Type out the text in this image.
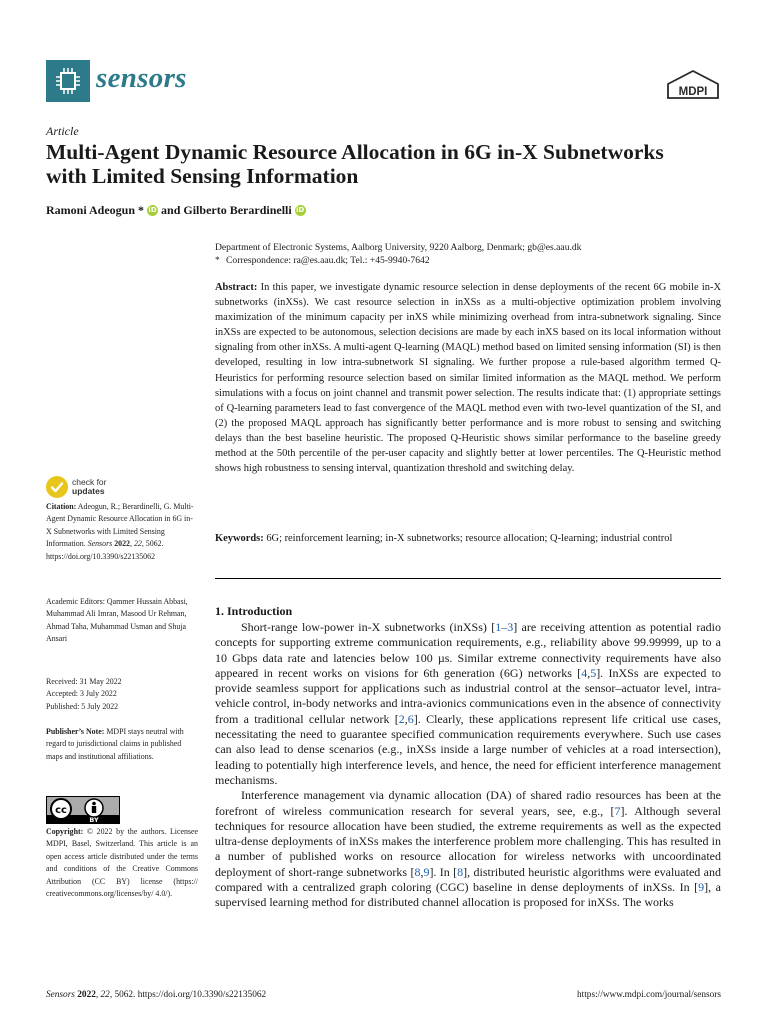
sensors	MDPI
Article
Multi-Agent Dynamic Resource Allocation in 6G in-X Subnetworks with Limited Sensing Information
Ramoni Adeogun * iD and Gilberto Berardinelli iD
Department of Electronic Systems, Aalborg University, 9220 Aalborg, Denmark; gb@es.aau.dk
* Correspondence: ra@es.aau.dk; Tel.: +45-9940-7642
Abstract: In this paper, we investigate dynamic resource selection in dense deployments of the recent 6G mobile in-X subnetworks (inXSs). We cast resource selection in inXSs as a multi-objective optimization problem involving maximization of the minimum capacity per inXS while minimizing overhead from intra-subnetwork signaling. Since inXSs are expected to be autonomous, selection decisions are made by each inXS based on its local information without signaling from other inXSs. A multi-agent Q-learning (MAQL) method based on limited sensing information (SI) is then developed, resulting in low intra-subnetwork SI signaling. We further propose a rule-based algorithm termed Q-Heuristics for performing resource selection based on similar limited information as the MAQL method. We perform simulations with a focus on joint channel and transmit power selection. The results indicate that: (1) appropriate settings of Q-learning parameters lead to fast convergence of the MAQL method even with two-level quantization of the SI, and (2) the proposed MAQL approach has significantly better performance and is more robust to sensing and switching delays than the best baseline heuristic. The proposed Q-Heuristic shows similar performance to the baseline greedy method at the 50th percentile of the per-user capacity and slightly better at lower percentiles. The Q-Heuristic method shows high robustness to sensing interval, quantization threshold and switching delay.
Keywords: 6G; reinforcement learning; in-X subnetworks; resource allocation; Q-learning; industrial control
check for
updates
Citation: Adeogun, R.; Berardinelli, G. Multi-Agent Dynamic Resource Allocation in 6G in-X Subnetworks with Limited Sensing Information. Sensors 2022, 22, 5062. https://doi.org/10.3390/s22135062
Academic Editors: Qammer Hussain Abbasi, Muhammad Ali Imran, Masood Ur Rehman, Ahmad Taha, Muhammad Usman and Shuja Ansari
Received: 31 May 2022
Accepted: 3 July 2022
Published: 5 July 2022
Publisher’s Note: MDPI stays neutral with regard to jurisdictional claims in published maps and institutional affiliations.
cc
BY
Copyright: © 2022 by the authors. Licensee MDPI, Basel, Switzerland. This article is an open access article distributed under the terms and conditions of the Creative Commons Attribution (CC BY) license (https:// creativecommons.org/licenses/by/ 4.0/).
1. Introduction

Short-range low-power in-X subnetworks (inXSs) [1–3] are receiving attention as potential radio concepts for supporting extreme communication requirements, e.g., reliability above 99.99999, up to a 10 Gbps data rate and latencies below 100 µs. Similar extreme connectivity requirements have also appeared in recent works on visions for 6th generation (6G) networks [4,5]. InXSs are expected to provide seamless support for applications such as industrial control at the sensor–actuator level, intra-vehicle control, in-body networks and intra-avionics communications even in the absence of connectivity from a traditional cellular network [2,6]. Clearly, these applications represent life critical use cases, necessitating the need to guarantee specified communication requirements everywhere. Such use cases can also lead to dense scenarios (e.g., inXSs inside a large number of vehicles at a road intersection), leading to potentially high interference levels, and hence, the need for efficient interference management mechanisms.

Interference management via dynamic allocation (DA) of shared radio resources has been at the forefront of wireless communication research for several years, see, e.g., [7]. Although several techniques for resource allocation have been studied, the extreme requirements as well as the expected ultra-dense deployments of inXSs makes the interference problem more challenging. This has resulted in a number of published works on resource allocation for wireless networks with uncoordinated deployment of short-range subnetworks [8,9]. In [8], distributed heuristic algorithms were evaluated and compared with a centralized graph coloring (CGC) baseline in dense deployments of inXSs. In [9], a supervised learning method for distributed channel allocation is proposed for inXSs. The works

Sensors 2022, 22, 5062. https://doi.org/10.3390/s22135062	https://www.mdpi.com/journal/sensors
